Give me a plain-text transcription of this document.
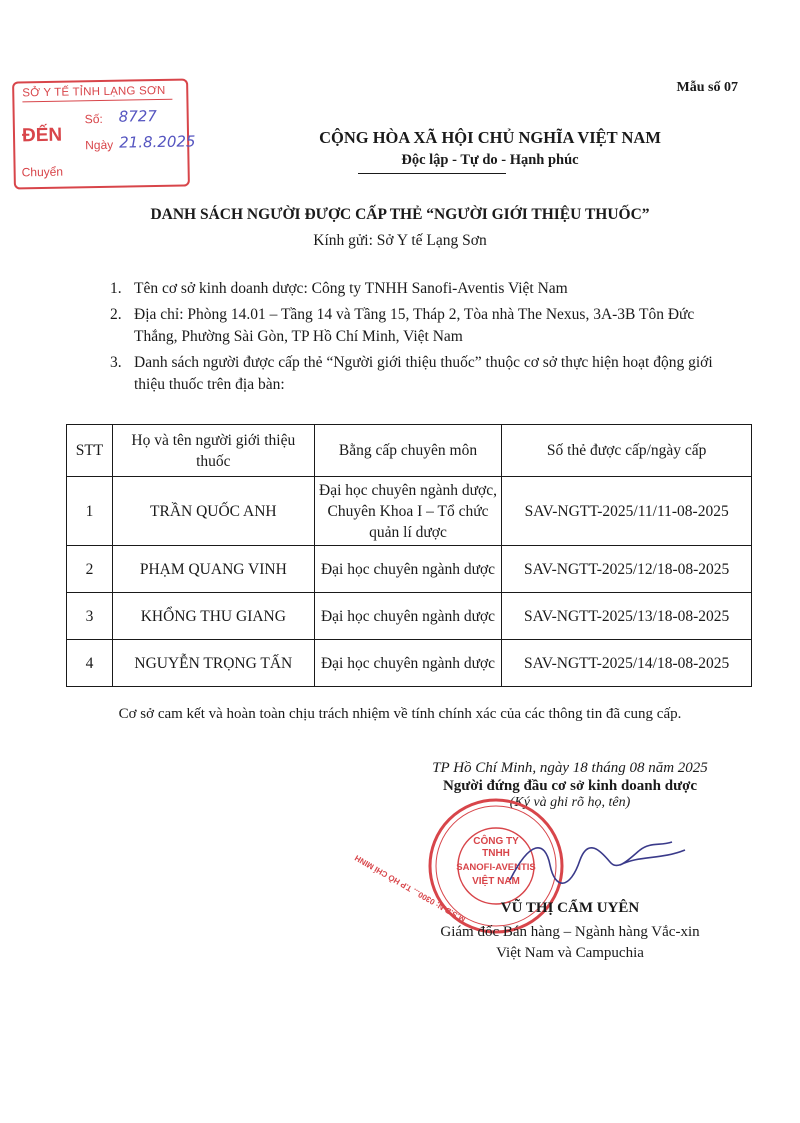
Mẫu số 07
SỞ Y TẾ TỈNH LẠNG SƠN
Số: 8727
ĐẾN Ngày 21.8.2025
Chuyển
CỘNG HÒA XÃ HỘI CHỦ NGHĨA VIỆT NAM
Độc lập - Tự do - Hạnh phúc
DANH SÁCH NGƯỜI ĐƯỢC CẤP THẺ “NGƯỜI GIỚI THIỆU THUỐC”
Kính gửi: Sở Y tế Lạng Sơn
1. Tên cơ sở kinh doanh dược: Công ty TNHH Sanofi-Aventis Việt Nam
2. Địa chỉ: Phòng 14.01 – Tầng 14 và Tầng 15, Tháp 2, Tòa nhà The Nexus, 3A-3B Tôn Đức Thắng, Phường Sài Gòn, TP Hồ Chí Minh, Việt Nam
3. Danh sách người được cấp thẻ “Người giới thiệu thuốc” thuộc cơ sở thực hiện hoạt động giới thiệu thuốc trên địa bàn:
STT	Họ và tên người giới thiệu thuốc	Bằng cấp chuyên môn	Số thẻ được cấp/ngày cấp
1	TRẦN QUỐC ANH	Đại học chuyên ngành dược, Chuyên Khoa I – Tổ chức quản lí dược	SAV-NGTT-2025/11/11-08-2025
2	PHẠM QUANG VINH	Đại học chuyên ngành dược	SAV-NGTT-2025/12/18-08-2025
3	KHỔNG THU GIANG	Đại học chuyên ngành dược	SAV-NGTT-2025/13/18-08-2025
4	NGUYỄN TRỌNG TẤN	Đại học chuyên ngành dược	SAV-NGTT-2025/14/18-08-2025
Cơ sở cam kết và hoàn toàn chịu trách nhiệm về tính chính xác của các thông tin đã cung cấp.
TP Hồ Chí Minh, ngày 18 tháng 08 năm 2025
Người đứng đầu cơ sở kinh doanh dược
(Ký và ghi rõ họ, tên)
CÔNG TY
TNHH
SANOFI-AVENTIS
VIỆT NAM
M.S.D.N: 0300... T.P HỒ CHÍ MINH	VŨ THỊ CẨM UYÊN
Giám đốc Bán hàng – Ngành hàng Vắc-xin
Việt Nam và Campuchia
